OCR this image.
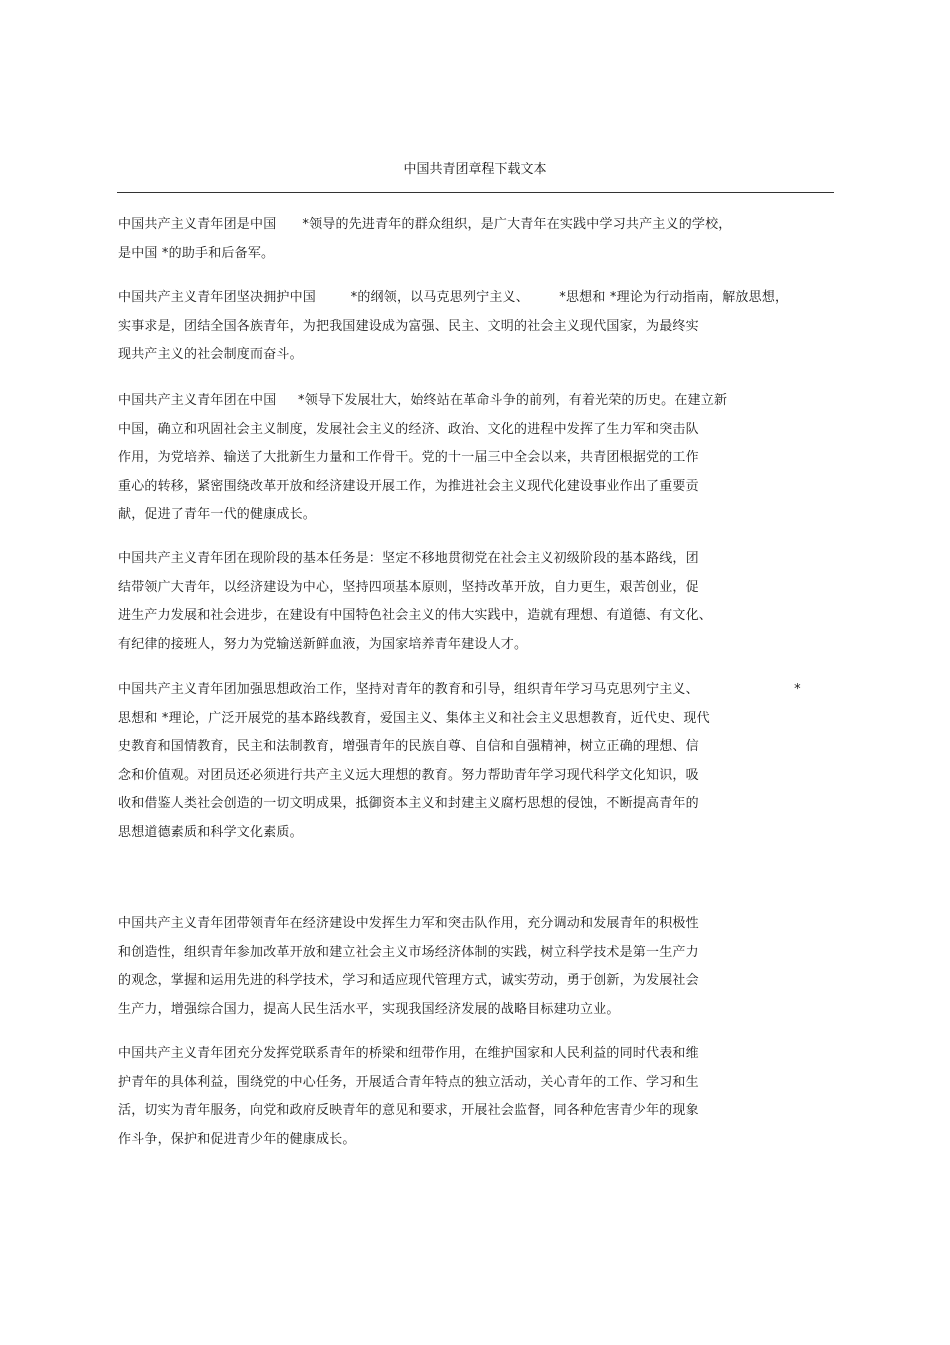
中国共青团章程下载文本
中国共产主义青年团是中国      *领导的先进青年的群众组织，是广大青年在实践中学习共产主义的学校，
是中国 *的助手和后备军。
中国共产主义青年团坚决拥护中国        *的纲领，以马克思列宁主义、       *思想和 *理论为行动指南，解放思想，
实事求是，团结全国各族青年，为把我国建设成为富强、民主、文明的社会主义现代国家，为最终实
现共产主义的社会制度而奋斗。
中国共产主义青年团在中国     *领导下发展壮大，始终站在革命斗争的前列，有着光荣的历史。在建立新
中国，确立和巩固社会主义制度，发展社会主义的经济、政治、文化的进程中发挥了生力军和突击队
作用，为党培养、输送了大批新生力量和工作骨干。党的十一届三中全会以来，共青团根据党的工作
重心的转移，紧密围绕改革开放和经济建设开展工作，为推进社会主义现代化建设事业作出了重要贡
献，促进了青年一代的健康成长。
中国共产主义青年团在现阶段的基本任务是：坚定不移地贯彻党在社会主义初级阶段的基本路线，团
结带领广大青年，以经济建设为中心，坚持四项基本原则，坚持改革开放，自力更生，艰苦创业，促
进生产力发展和社会进步，在建设有中国特色社会主义的伟大实践中，造就有理想、有道德、有文化、
有纪律的接班人，努力为党输送新鲜血液，为国家培养青年建设人才。
中国共产主义青年团加强思想政治工作，坚持对青年的教育和引导，组织青年学习马克思列宁主义、                      *
思想和 *理论，广泛开展党的基本路线教育，爱国主义、集体主义和社会主义思想教育，近代史、现代
史教育和国情教育，民主和法制教育，增强青年的民族自尊、自信和自强精神，树立正确的理想、信
念和价值观。对团员还必须进行共产主义远大理想的教育。努力帮助青年学习现代科学文化知识，吸
收和借鉴人类社会创造的一切文明成果，抵御资本主义和封建主义腐朽思想的侵蚀，不断提高青年的
思想道德素质和科学文化素质。
中国共产主义青年团带领青年在经济建设中发挥生力军和突击队作用，充分调动和发展青年的积极性
和创造性，组织青年参加改革开放和建立社会主义市场经济体制的实践，树立科学技术是第一生产力
的观念，掌握和运用先进的科学技术，学习和适应现代管理方式，诚实劳动，勇于创新，为发展社会
生产力，增强综合国力，提高人民生活水平，实现我国经济发展的战略目标建功立业。
中国共产主义青年团充分发挥党联系青年的桥梁和纽带作用，在维护国家和人民利益的同时代表和维
护青年的具体利益，围绕党的中心任务，开展适合青年特点的独立活动，关心青年的工作、学习和生
活，切实为青年服务，向党和政府反映青年的意见和要求，开展社会监督，同各种危害青少年的现象
作斗争，保护和促进青少年的健康成长。
